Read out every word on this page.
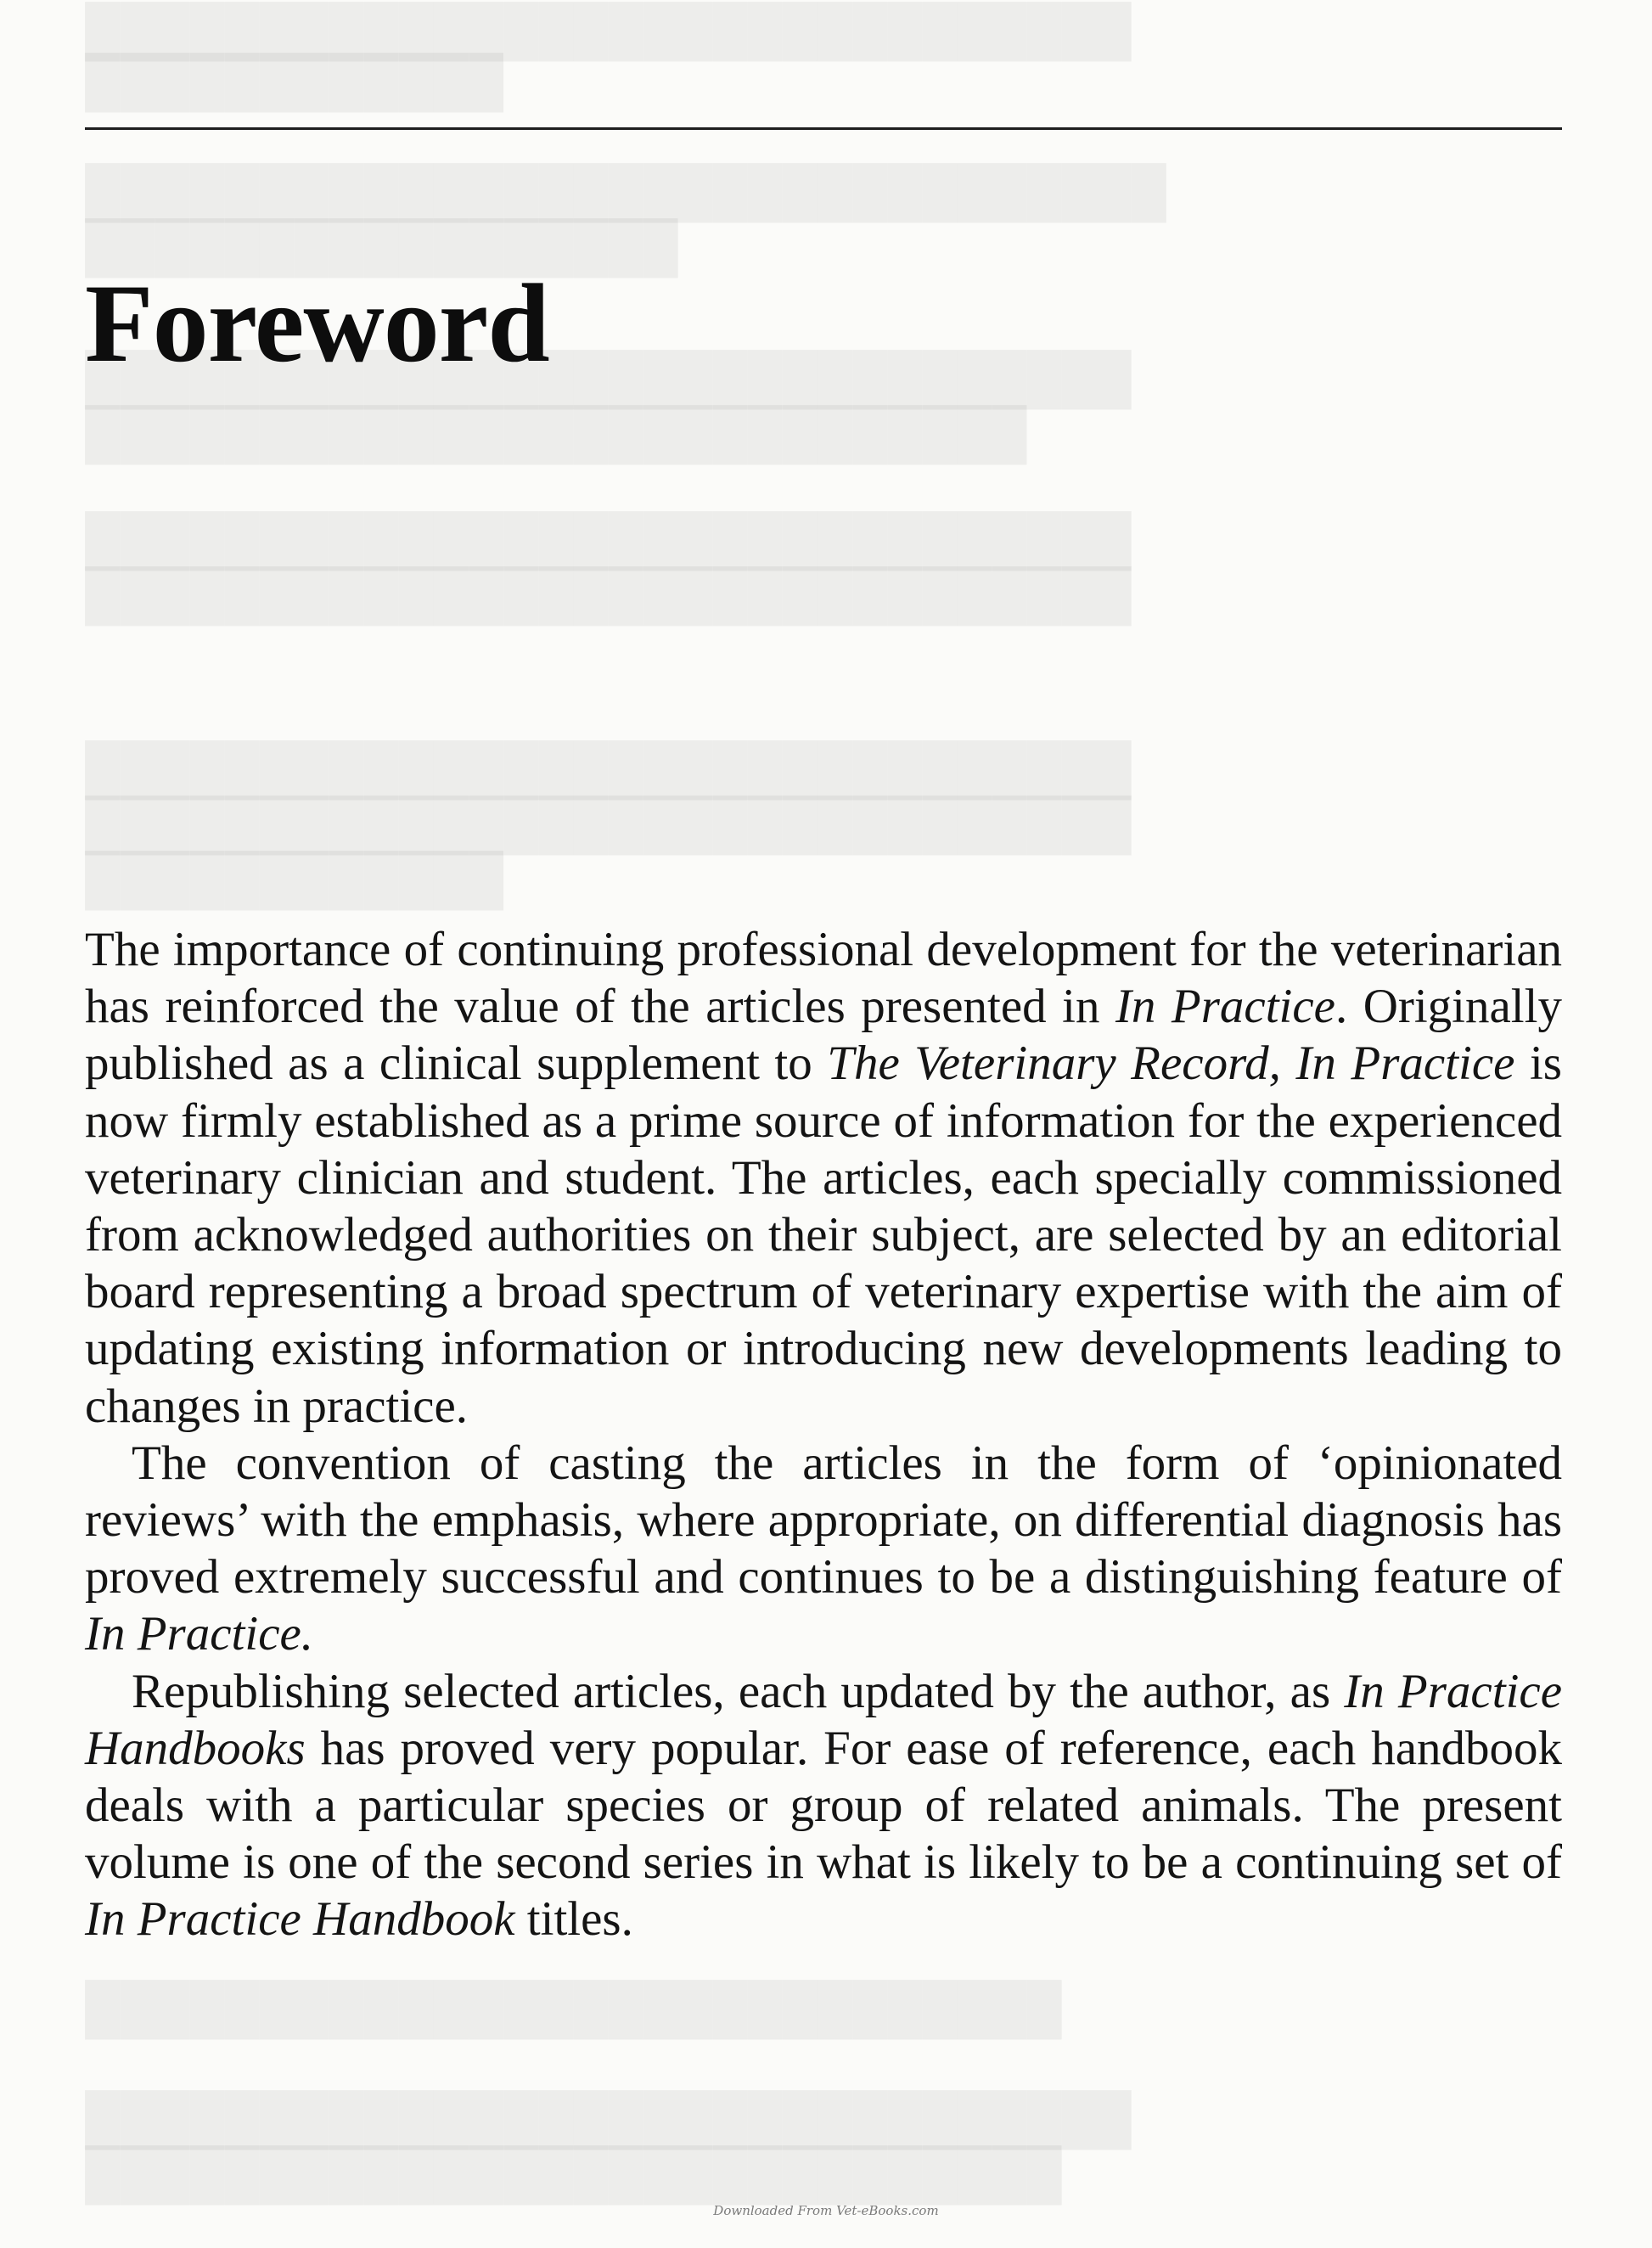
██████████████████████████████

████████████

███████████████████████████████

█████████████████

██████████████████████████████

███████████████████████████

██████████████████████████████

██████████████████████████████

██████████████████████████████

██████████████████████████████

████████████

████████████████████████████

██████████████████████████████

████████████████████████████

Foreword

The importance of continuing professional development for the veterinarian has reinforced the value of the articles presented in In Practice. Originally published as a clinical supplement to The Veterinary Record, In Practice is now firmly established as a prime source of information for the experienced veterinary clinician and student. The articles, each specially commissioned from acknowledged authorities on their subject, are selected by an editorial board representing a broad spectrum of veterinary expertise with the aim of updating existing information or introducing new developments leading to changes in practice.

The convention of casting the articles in the form of ‘opinionated reviews’ with the emphasis, where appropriate, on differential diagnosis has proved extremely successful and continues to be a distinguishing feature of In Practice.

Republishing selected articles, each updated by the author, as In Practice Handbooks has proved very popular. For ease of reference, each handbook deals with a particular species or group of related animals. The present volume is one of the second series in what is likely to be a continuing set of In Practice Handbook titles.

Downloaded From Vet-eBooks.com
